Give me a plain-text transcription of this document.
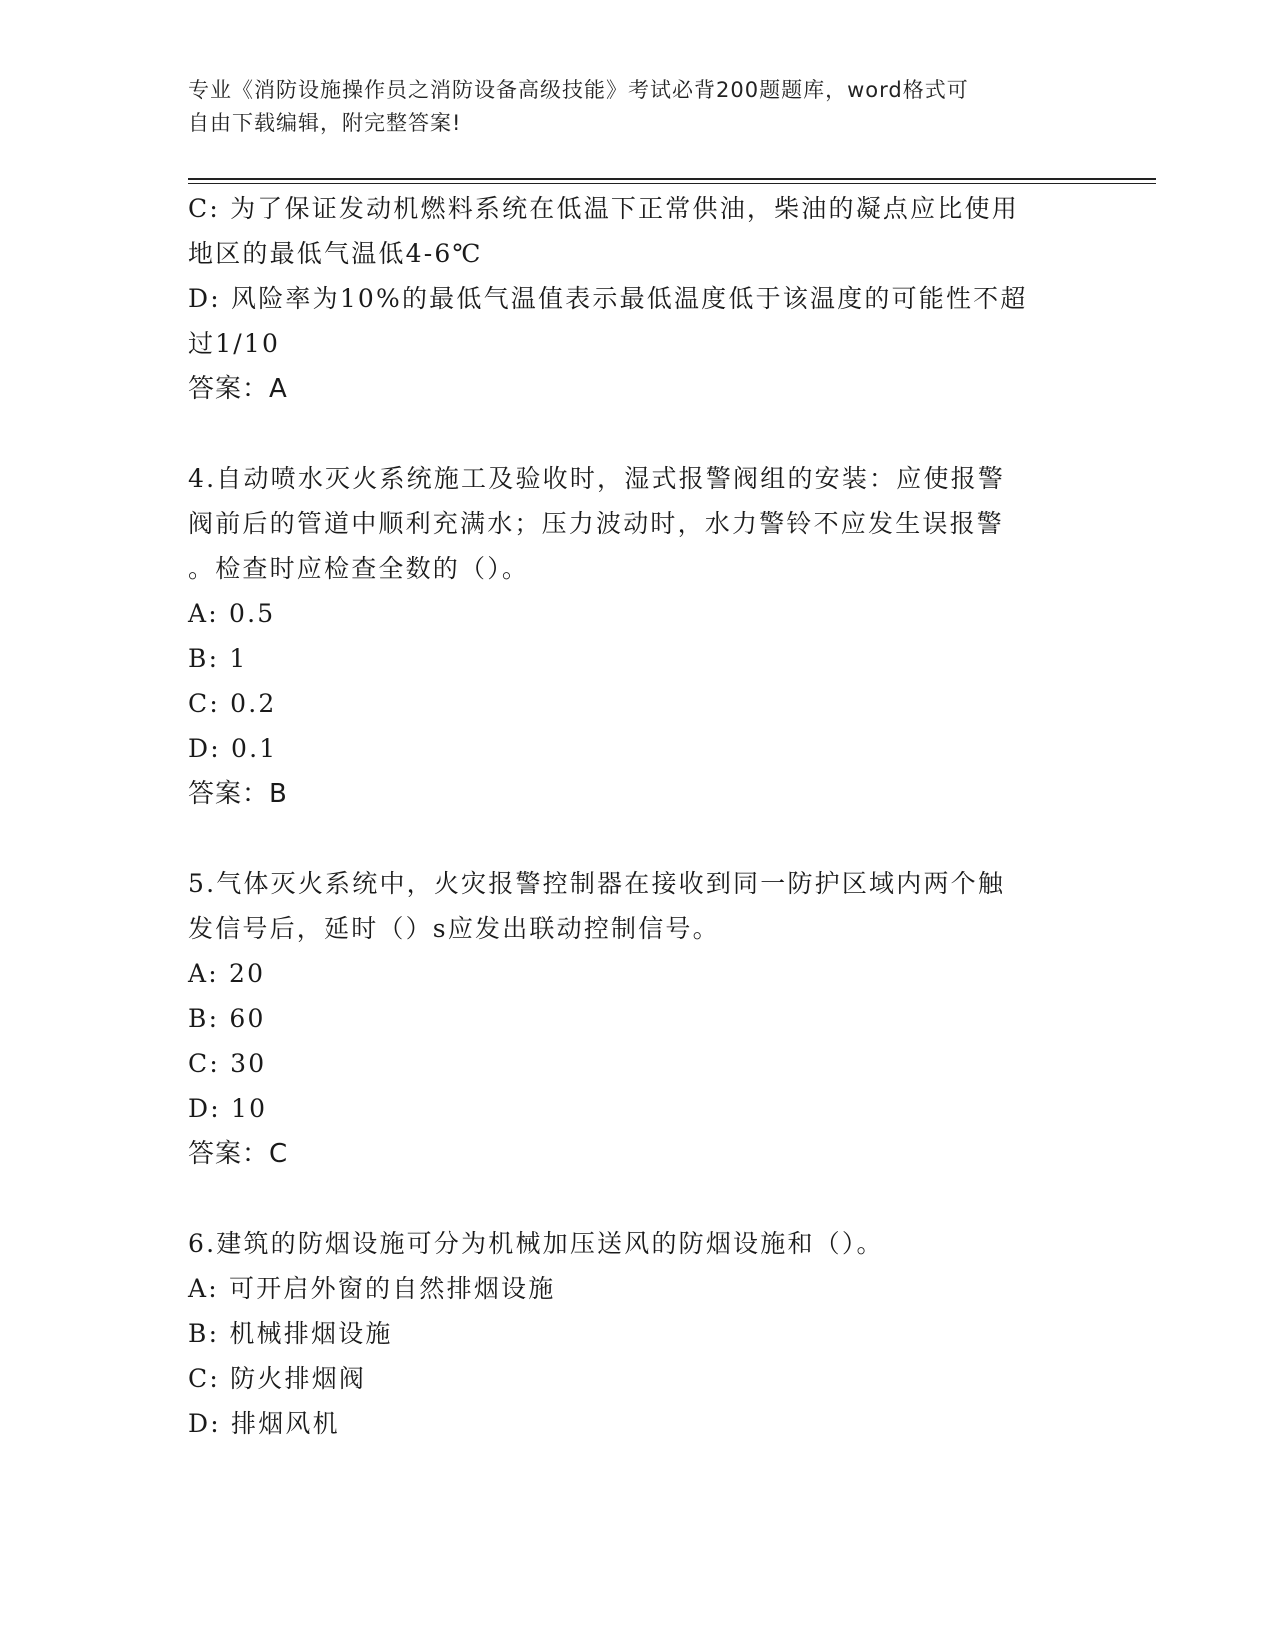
专业《消防设施操作员之消防设备高级技能》考试必背200题题库，word格式可
自由下载编辑，附完整答案!
C: 为了保证发动机燃料系统在低温下正常供油，柴油的凝点应比使用
地区的最低气温低4-6℃
D: 风险率为10%的最低气温值表示最低温度低于该温度的可能性不超
过1/10
答案：A
4.自动喷水灭火系统施工及验收时，湿式报警阀组的安装：应使报警
阀前后的管道中顺利充满水；压力波动时，水力警铃不应发生误报警
。检查时应检查全数的（）。
A: 0.5
B: 1
C: 0.2
D: 0.1
答案：B
5.气体灭火系统中，火灾报警控制器在接收到同一防护区域内两个触
发信号后，延时（）s应发出联动控制信号。
A: 20
B: 60
C: 30
D: 10
答案：C
6.建筑的防烟设施可分为机械加压送风的防烟设施和（）。
A: 可开启外窗的自然排烟设施
B: 机械排烟设施
C: 防火排烟阀
D: 排烟风机
